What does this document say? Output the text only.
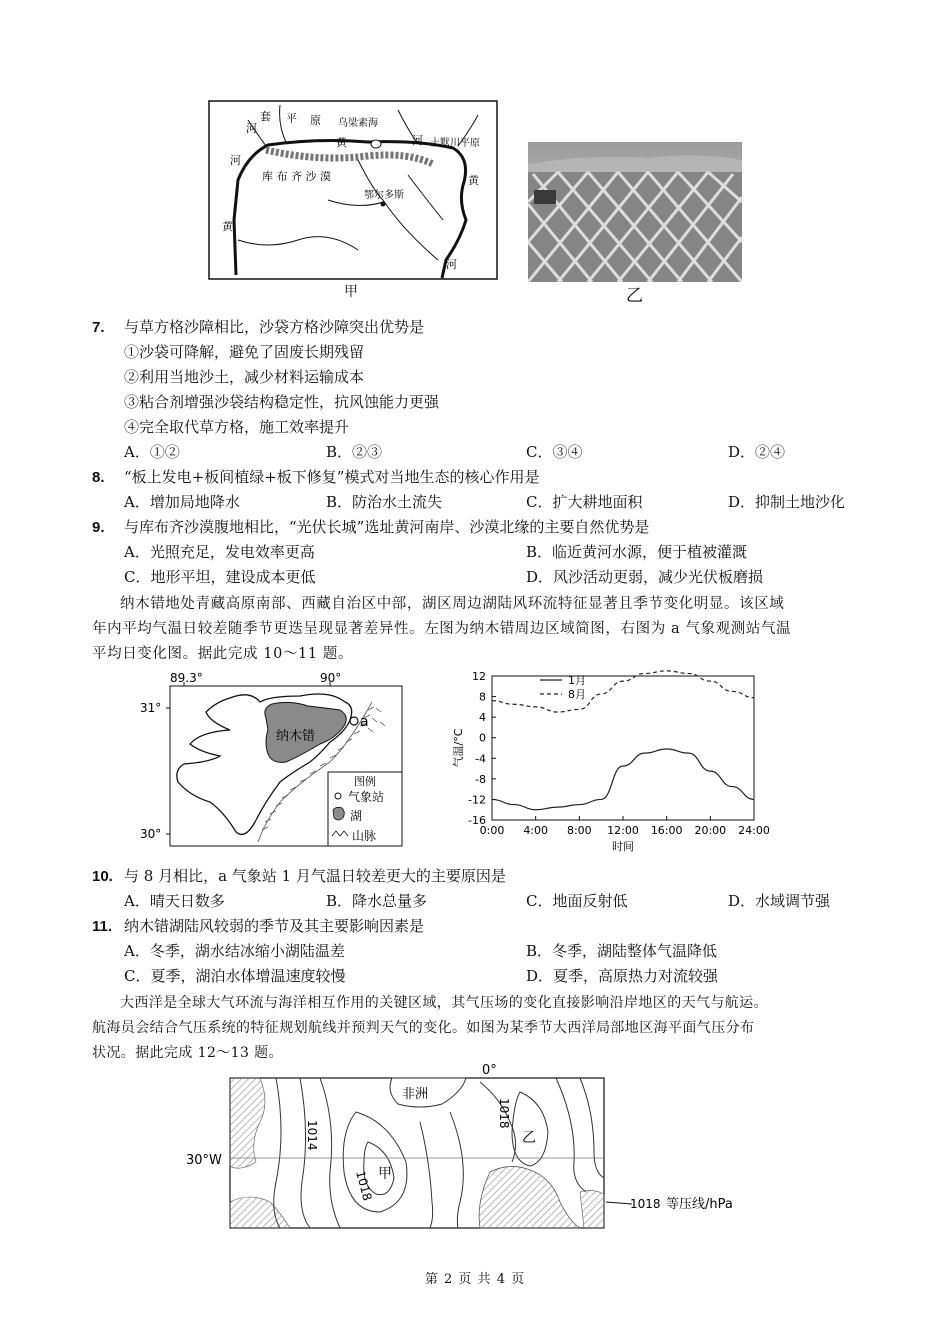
河
套 平 原 乌梁素海
黄	河 土默川平原
河
库 布 齐 沙 漠	黄
鄂尔多斯
黄
河
甲	乙
7. 与草方格沙障相比，沙袋方格沙障突出优势是
①沙袋可降解，避免了固废长期残留
②利用当地沙土，减少材料运输成本
③粘合剂增强沙袋结构稳定性，抗风蚀能力更强
④完全取代草方格，施工效率提升
A．①②	B．②③	C．③④	D．②④
8. “板上发电+板间植绿+板下修复”模式对当地生态的核心作用是
A．增加局地降水	B．防治水土流失	C．扩大耕地面积	D．抑制土地沙化
9. 与库布齐沙漠腹地相比，“光伏长城”选址黄河南岸、沙漠北缘的主要自然优势是
A．光照充足，发电效率更高	B．临近黄河水源，便于植被灌溉
C．地形平坦，建设成本更低	D．风沙活动更弱，减少光伏板磨损
纳木错地处青藏高原南部、西藏自治区中部，湖区周边湖陆风环流特征显著且季节变化明显。该区域
年内平均气温日较差随季节更迭呈现显著差异性。左图为纳木错周边区域简图，右图为 a 气象观测站气温
平均日变化图。据此完成 10～11 题。
89.3°	90°
31°
30°
纳木错
a
图例
气象站
湖
山脉
12
8
4
0
-4
-8
-12
-16
0:00 4:00 8:00 12:00 16:00 20:00 24:00
时间
气温/°C
1月
8月
10. 与 8 月相比，a 气象站 1 月气温日较差更大的主要原因是
A．晴天日数多	B．降水总量多	C．地面反射低	D．水域调节强
11. 纳木错湖陆风较弱的季节及其主要影响因素是
A．冬季，湖水结冰缩小湖陆温差	B．冬季，湖陆整体气温降低
C．夏季，湖泊水体增温速度较慢	D．夏季，高原热力对流较强
大西洋是全球大气环流与海洋相互作用的关键区域，其气压场的变化直接影响沿岸地区的天气与航运。
航海员会结合气压系统的特征规划航线并预判天气的变化。如图为某季节大西洋局部地区海平面气压分布
状况。据此完成 12～13 题。
0°
30°W
非洲
1014
1018
1018
甲
乙
1018 等压线/hPa
第 2 页 共 4 页
